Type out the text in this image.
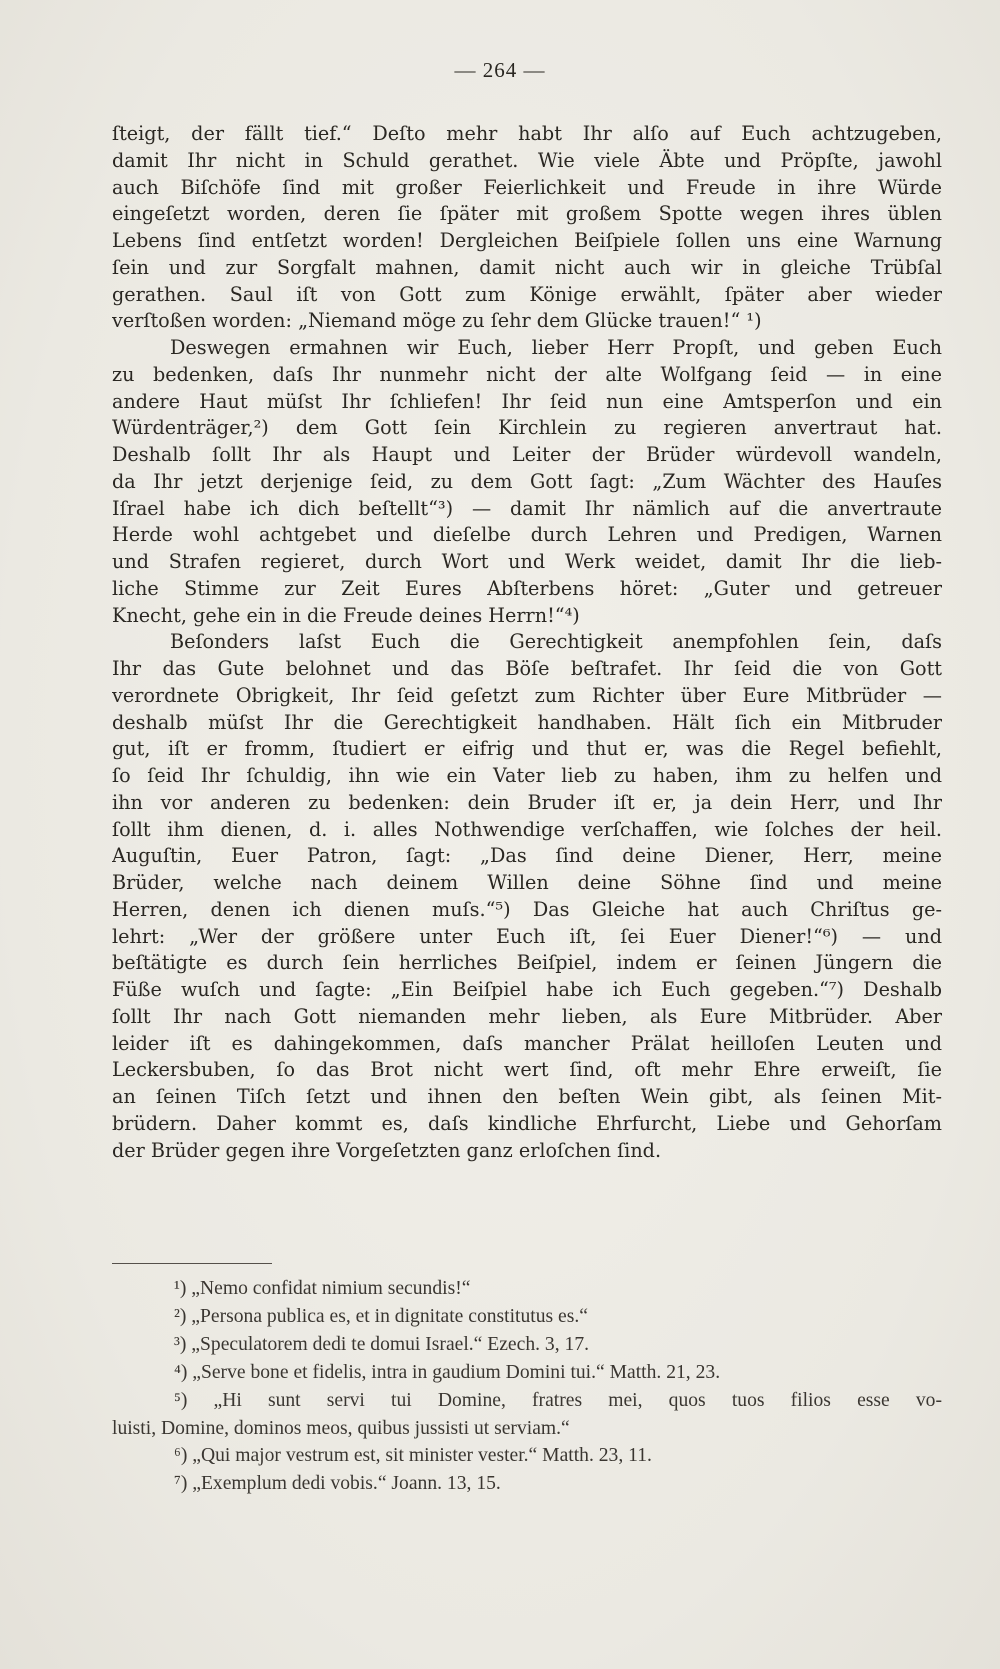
— 264 —
ſteigt, der fällt tief.“ Deſto mehr habt Ihr alſo auf Euch achtzugeben,
damit Ihr nicht in Schuld gerathet. Wie viele Äbte und Pröpſte, jawohl
auch Biſchöfe ſind mit großer Feierlichkeit und Freude in ihre Würde
eingeſetzt worden, deren ſie ſpäter mit großem Spotte wegen ihres üblen
Lebens ſind entſetzt worden! Dergleichen Beiſpiele ſollen uns eine Warnung
ſein und zur Sorgfalt mahnen, damit nicht auch wir in gleiche Trübſal
gerathen. Saul iſt von Gott zum Könige erwählt, ſpäter aber wieder
verſtoßen worden: „Niemand möge zu ſehr dem Glücke trauen!“ ¹)
Deswegen ermahnen wir Euch, lieber Herr Propſt, und geben Euch
zu bedenken, daſs Ihr nunmehr nicht der alte Wolfgang ſeid — in eine
andere Haut müſst Ihr ſchliefen! Ihr ſeid nun eine Amtsperſon und ein
Würdenträger,²) dem Gott ſein Kirchlein zu regieren anvertraut hat.
Deshalb ſollt Ihr als Haupt und Leiter der Brüder würdevoll wandeln,
da Ihr jetzt derjenige ſeid, zu dem Gott ſagt: „Zum Wächter des Hauſes
Iſrael habe ich dich beſtellt“³) — damit Ihr nämlich auf die anvertraute
Herde wohl achtgebet und dieſelbe durch Lehren und Predigen, Warnen
und Strafen regieret, durch Wort und Werk weidet, damit Ihr die lieb-
liche Stimme zur Zeit Eures Abſterbens höret: „Guter und getreuer
Knecht, gehe ein in die Freude deines Herrn!“⁴)
Beſonders laſst Euch die Gerechtigkeit anempfohlen ſein, daſs
Ihr das Gute belohnet und das Böſe beſtrafet. Ihr ſeid die von Gott
verordnete Obrigkeit, Ihr ſeid geſetzt zum Richter über Eure Mitbrüder —
deshalb müſst Ihr die Gerechtigkeit handhaben. Hält ſich ein Mitbruder
gut, iſt er fromm, ſtudiert er eifrig und thut er, was die Regel befiehlt,
ſo ſeid Ihr ſchuldig, ihn wie ein Vater lieb zu haben, ihm zu helfen und
ihn vor anderen zu bedenken: dein Bruder iſt er, ja dein Herr, und Ihr
ſollt ihm dienen, d. i. alles Nothwendige verſchaffen, wie ſolches der heil.
Auguſtin, Euer Patron, ſagt: „Das ſind deine Diener, Herr, meine
Brüder, welche nach deinem Willen deine Söhne ſind und meine
Herren, denen ich dienen muſs.“⁵) Das Gleiche hat auch Chriſtus ge-
lehrt: „Wer der größere unter Euch iſt, ſei Euer Diener!“⁶) — und
beſtätigte es durch ſein herrliches Beiſpiel, indem er ſeinen Jüngern die
Füße wuſch und ſagte: „Ein Beiſpiel habe ich Euch gegeben.“⁷) Deshalb
ſollt Ihr nach Gott niemanden mehr lieben, als Eure Mitbrüder. Aber
leider iſt es dahingekommen, daſs mancher Prälat heilloſen Leuten und
Leckersbuben, ſo das Brot nicht wert ſind, oft mehr Ehre erweiſt, ſie
an ſeinen Tiſch ſetzt und ihnen den beſten Wein gibt, als ſeinen Mit-
brüdern. Daher kommt es, daſs kindliche Ehrfurcht, Liebe und Gehorſam
der Brüder gegen ihre Vorgeſetzten ganz erloſchen ſind.
¹) „Nemo confidat nimium secundis!“
²) „Persona publica es, et in dignitate constitutus es.“
³) „Speculatorem dedi te domui Israel.“ Ezech. 3, 17.
⁴) „Serve bone et fidelis, intra in gaudium Domini tui.“ Matth. 21, 23.
⁵) „Hi sunt servi tui Domine, fratres mei, quos tuos filios esse vo-
luisti, Domine, dominos meos, quibus jussisti ut serviam.“
⁶) „Qui major vestrum est, sit minister vester.“ Matth. 23, 11.
⁷) „Exemplum dedi vobis.“ Joann. 13, 15.
